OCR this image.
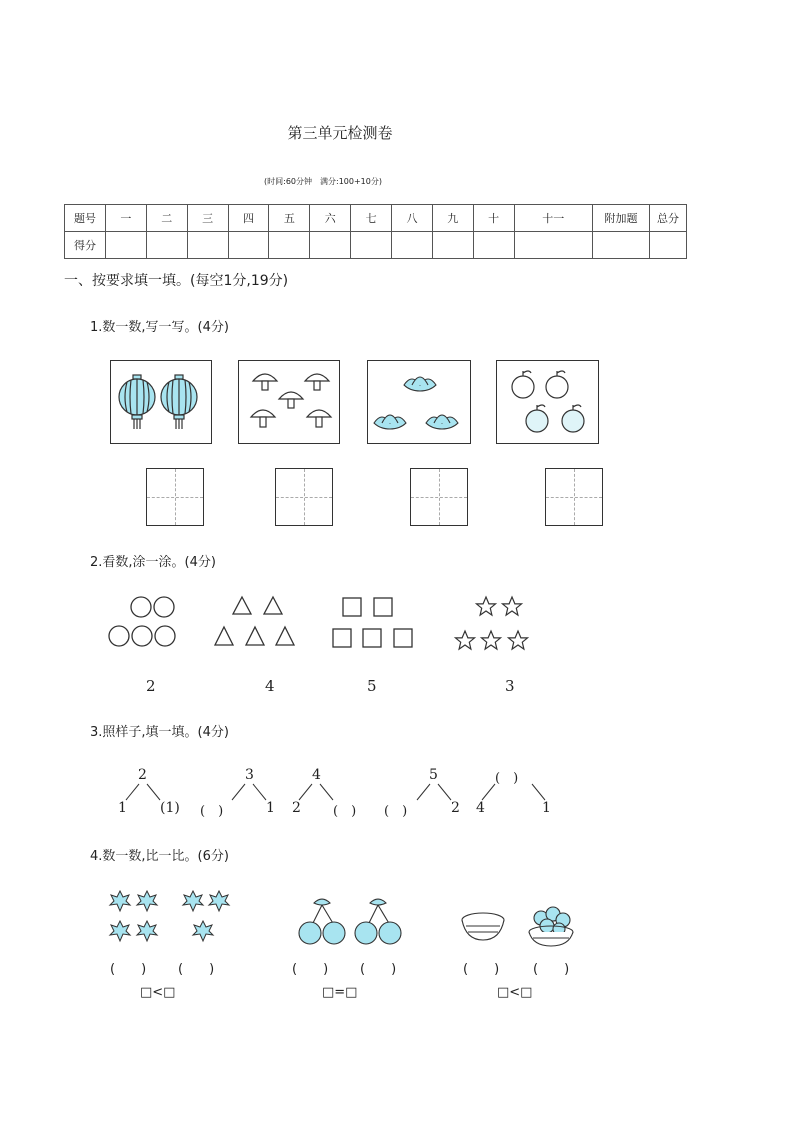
第三单元检测卷
(时间:60分钟　满分:100+10分)
题号	一	二	三	四	五	六	七	八	九	十	十一	附加题	总分
得分													
一、按要求填一填。(每空1分,19分)
1.数一数,写一写。(4分)
2.看数,涂一涂。(4分)
2	4	5	3
3.照样子,填一填。(4分)
2
1 (1)
3
(　)	1
4
2 (　)
5
(　)	2
(　)
4	1
4.数一数,比一比。(6分)
(　　) (　　)	(　　) (　　)	(　　)	(　　)
□<□	□=□	□<□
